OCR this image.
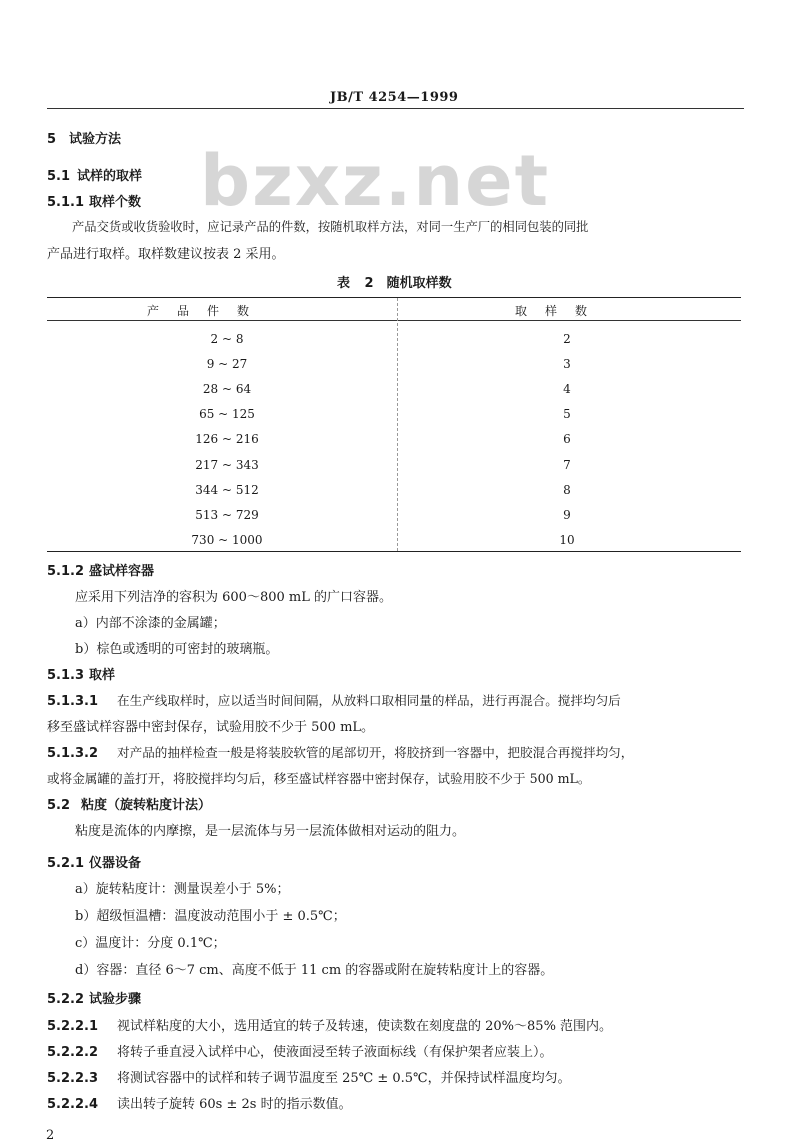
JB/T 4254—1999
bzxz.net
5 试验方法
5.1 试样的取样
5.1.1 取样个数
产品交货或收货验收时，应记录产品的件数，按随机取样方法，对同一生产厂的相同包装的同批
产品进行取样。取样数建议按表 2 采用。
表 2　随机取样数
产品件数	取样数
2 ~ 8	2
9 ~ 27	3
28 ~ 64	4
65 ~ 125	5
126 ~ 216	6
217 ~ 343	7
344 ~ 512	8
513 ~ 729	9
730 ~ 1000	10
5.1.2 盛试样容器
应采用下列洁净的容积为 600～800 mL 的广口容器。
a）内部不涂漆的金属罐；
b）棕色或透明的可密封的玻璃瓶。
5.1.3 取样
5.1.3.1 在生产线取样时，应以适当时间间隔，从放料口取相同量的样品，进行再混合。搅拌均匀后
移至盛试样容器中密封保存，试验用胶不少于 500 mL。
5.1.3.2 对产品的抽样检查一般是将装胶软管的尾部切开，将胶挤到一容器中，把胶混合再搅拌均匀，
或将金属罐的盖打开，将胶搅拌均匀后，移至盛试样容器中密封保存，试验用胶不少于 500 mL。
5.2 粘度（旋转粘度计法）
粘度是流体的内摩擦，是一层流体与另一层流体做相对运动的阻力。
5.2.1 仪器设备
a）旋转粘度计：测量误差小于 5%；
b）超级恒温槽：温度波动范围小于 ± 0.5℃；
c）温度计：分度 0.1℃；
d）容器：直径 6～7 cm、高度不低于 11 cm 的容器或附在旋转粘度计上的容器。
5.2.2 试验步骤
5.2.2.1 视试样粘度的大小，选用适宜的转子及转速，使读数在刻度盘的 20%～85% 范围内。
5.2.2.2 将转子垂直浸入试样中心，使液面浸至转子液面标线（有保护架者应装上）。
5.2.2.3 将测试容器中的试样和转子调节温度至 25℃ ± 0.5℃，并保持试样温度均匀。
5.2.2.4 读出转子旋转 60s ± 2s 时的指示数值。
2
